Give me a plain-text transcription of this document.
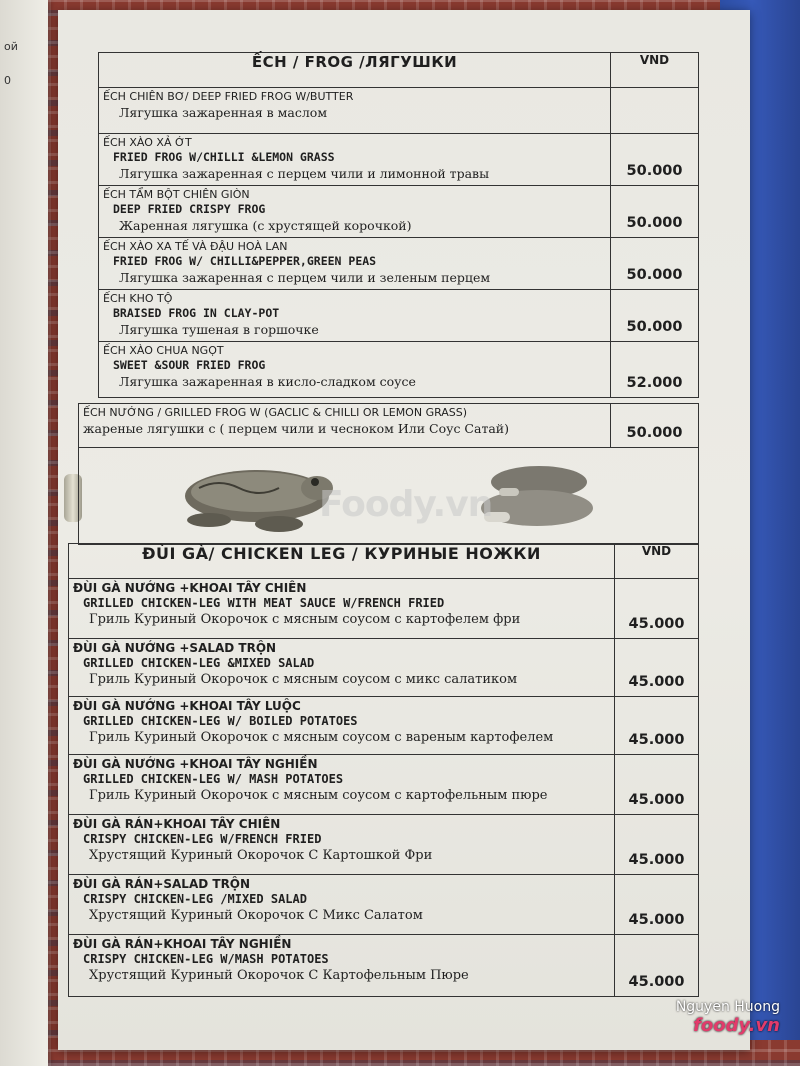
ой
0
ẾCH / FROG /ЛЯГУШКИ	VND

ẾCH CHIÊN BƠ/ DEEP FRIED FROG W/BUTTER
Лягушка зажаренная в маслом	

ẾCH XÀO XẢ ỚT
FRIED FROG W/CHILLI &LEMON GRASS
Лягушка зажаренная с перцем чили и лимонной травы	50.000

ẾCH TẨM BỘT CHIÊN GIÒN
DEEP FRIED CRISPY FROG
Жаренная лягушка (с хрустящей корочкой)	50.000

ẾCH XÀO XA TẾ VÀ ĐẬU HOÀ LAN
FRIED FROG W/ CHILLI&PEPPER,GREEN PEAS
Лягушка зажаренная с перцем чили и зеленым перцем	50.000

ẾCH KHO TỘ
BRAISED FROG IN CLAY-POT
Лягушка тушеная в горшочке	50.000

ẾCH XÀO CHUA NGỌT
SWEET &SOUR FRIED FROG
Лягушка зажаренная в кисло-сладком соусе	52.000
ẾCH NƯỚNG / GRILLED FROG W (GACLIC & CHILLI OR LEMON GRASS)
жареные лягушки с ( перцем чили и чесноком Или Соус Сатай)	50.000

Foody.vn
ĐÙI GÀ/ CHICKEN LEG / КУРИНЫЕ НОЖКИ	VND

ĐÙI GÀ NƯỚNG +KHOAI TÂY CHIÊN
GRILLED CHICKEN-LEG WITH MEAT SAUCE W/FRENCH FRIED
Гриль Куриный Окорочок с мясным соусом с картофелем фри	45.000

ĐÙI GÀ NƯỚNG +SALAD TRỘN
GRILLED CHICKEN-LEG &MIXED SALAD
Гриль Куриный Окорочок с мясным соусом с микс салатиком	45.000

ĐÙI GÀ NƯỚNG +KHOAI TÂY LUỘC
GRILLED CHICKEN-LEG W/ BOILED POTATOES
Гриль Куриный Окорочок с мясным соусом с вареным картофелем	45.000

ĐÙI GÀ NƯỚNG +KHOAI TÂY NGHIỀN
GRILLED CHICKEN-LEG W/ MASH POTATOES
Гриль Куриный Окорочок с мясным соусом с картофельным пюре	45.000

ĐÙI GÀ RÁN+KHOAI TÂY CHIÊN
CRISPY CHICKEN-LEG W/FRENCH FRIED
Хрустящий Куриный Окорочок С Картошкой Фри	45.000

ĐÙI GÀ RÁN+SALAD TRỘN
CRISPY CHICKEN-LEG /MIXED SALAD
Хрустящий Куриный Окорочок С Микс Салатом	45.000

ĐÙI GÀ RÁN+KHOAI TÂY NGHIỀN
CRISPY CHICKEN-LEG W/MASH POTATOES
Хрустящий Куриный Окорочок С Картофельным Пюре	45.000
Nguyen Huong
foody.vn
